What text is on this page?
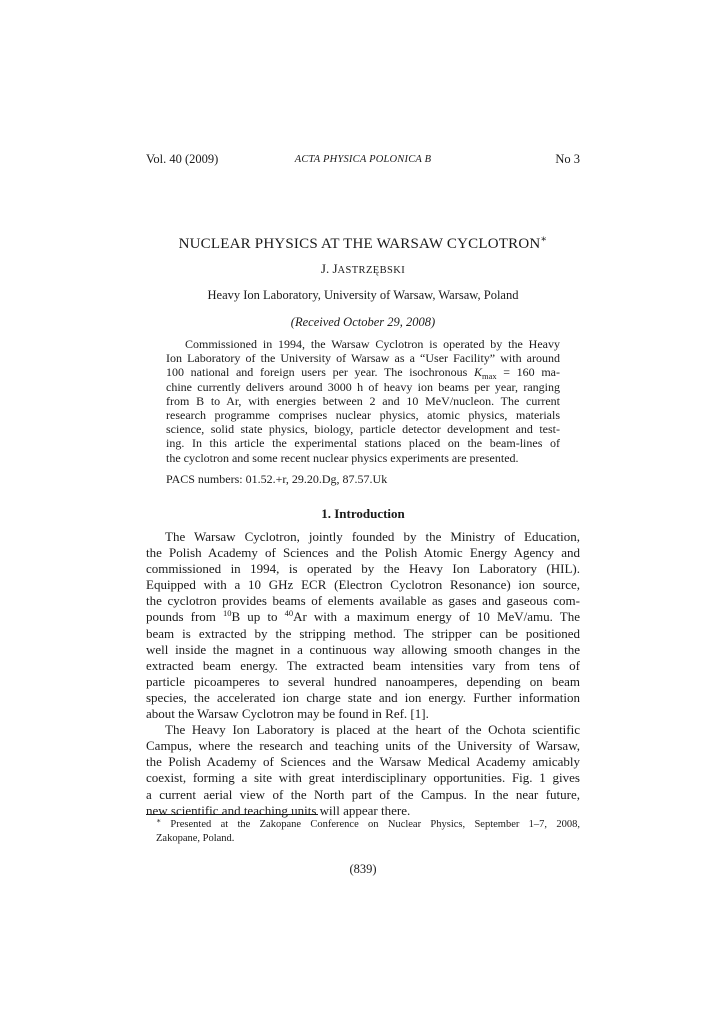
Vol. 40 (2009)	ACTA PHYSICA POLONICA B	No 3
NUCLEAR PHYSICS AT THE WARSAW CYCLOTRON∗
J. JASTRZĘBSKI
Heavy Ion Laboratory, University of Warsaw, Warsaw, Poland
(Received October 29, 2008)
Commissioned in 1994, the Warsaw Cyclotron is operated by the Heavy
Ion Laboratory of the University of Warsaw as a “User Facility” with around
100 national and foreign users per year. The isochronous $K_{max} = 160$ ma-
chine currently delivers around 3000 h of heavy ion beams per year, ranging
from B to Ar, with energies between 2 and 10 MeV/nucleon. The current
research programme comprises nuclear physics, atomic physics, materials
science, solid state physics, biology, particle detector development and test-
ing. In this article the experimental stations placed on the beam-lines of
the cyclotron and some recent nuclear physics experiments are presented.
PACS numbers: 01.52.+r, 29.20.Dg, 87.57.Uk
1. Introduction
The Warsaw Cyclotron, jointly founded by the Ministry of Education,
the Polish Academy of Sciences and the Polish Atomic Energy Agency and
commissioned in 1994, is operated by the Heavy Ion Laboratory (HIL).
Equipped with a 10 GHz ECR (Electron Cyclotron Resonance) ion source,
the cyclotron provides beams of elements available as gases and gaseous com-
pounds from $^{10}$B up to $^{40}$Ar with a maximum energy of 10 MeV/amu. The
beam is extracted by the stripping method. The stripper can be positioned
well inside the magnet in a continuous way allowing smooth changes in the
extracted beam energy. The extracted beam intensities vary from tens of
particle picoamperes to several hundred nanoamperes, depending on beam
species, the accelerated ion charge state and ion energy. Further information
about the Warsaw Cyclotron may be found in Ref. [1].
The Heavy Ion Laboratory is placed at the heart of the Ochota scientific
Campus, where the research and teaching units of the University of Warsaw,
the Polish Academy of Sciences and the Warsaw Medical Academy amicably
coexist, forming a site with great interdisciplinary opportunities. Fig. 1 gives
a current aerial view of the North part of the Campus. In the near future,
new scientific and teaching units will appear there.
∗ Presented at the Zakopane Conference on Nuclear Physics, September 1–7, 2008,
Zakopane, Poland.
(839)
